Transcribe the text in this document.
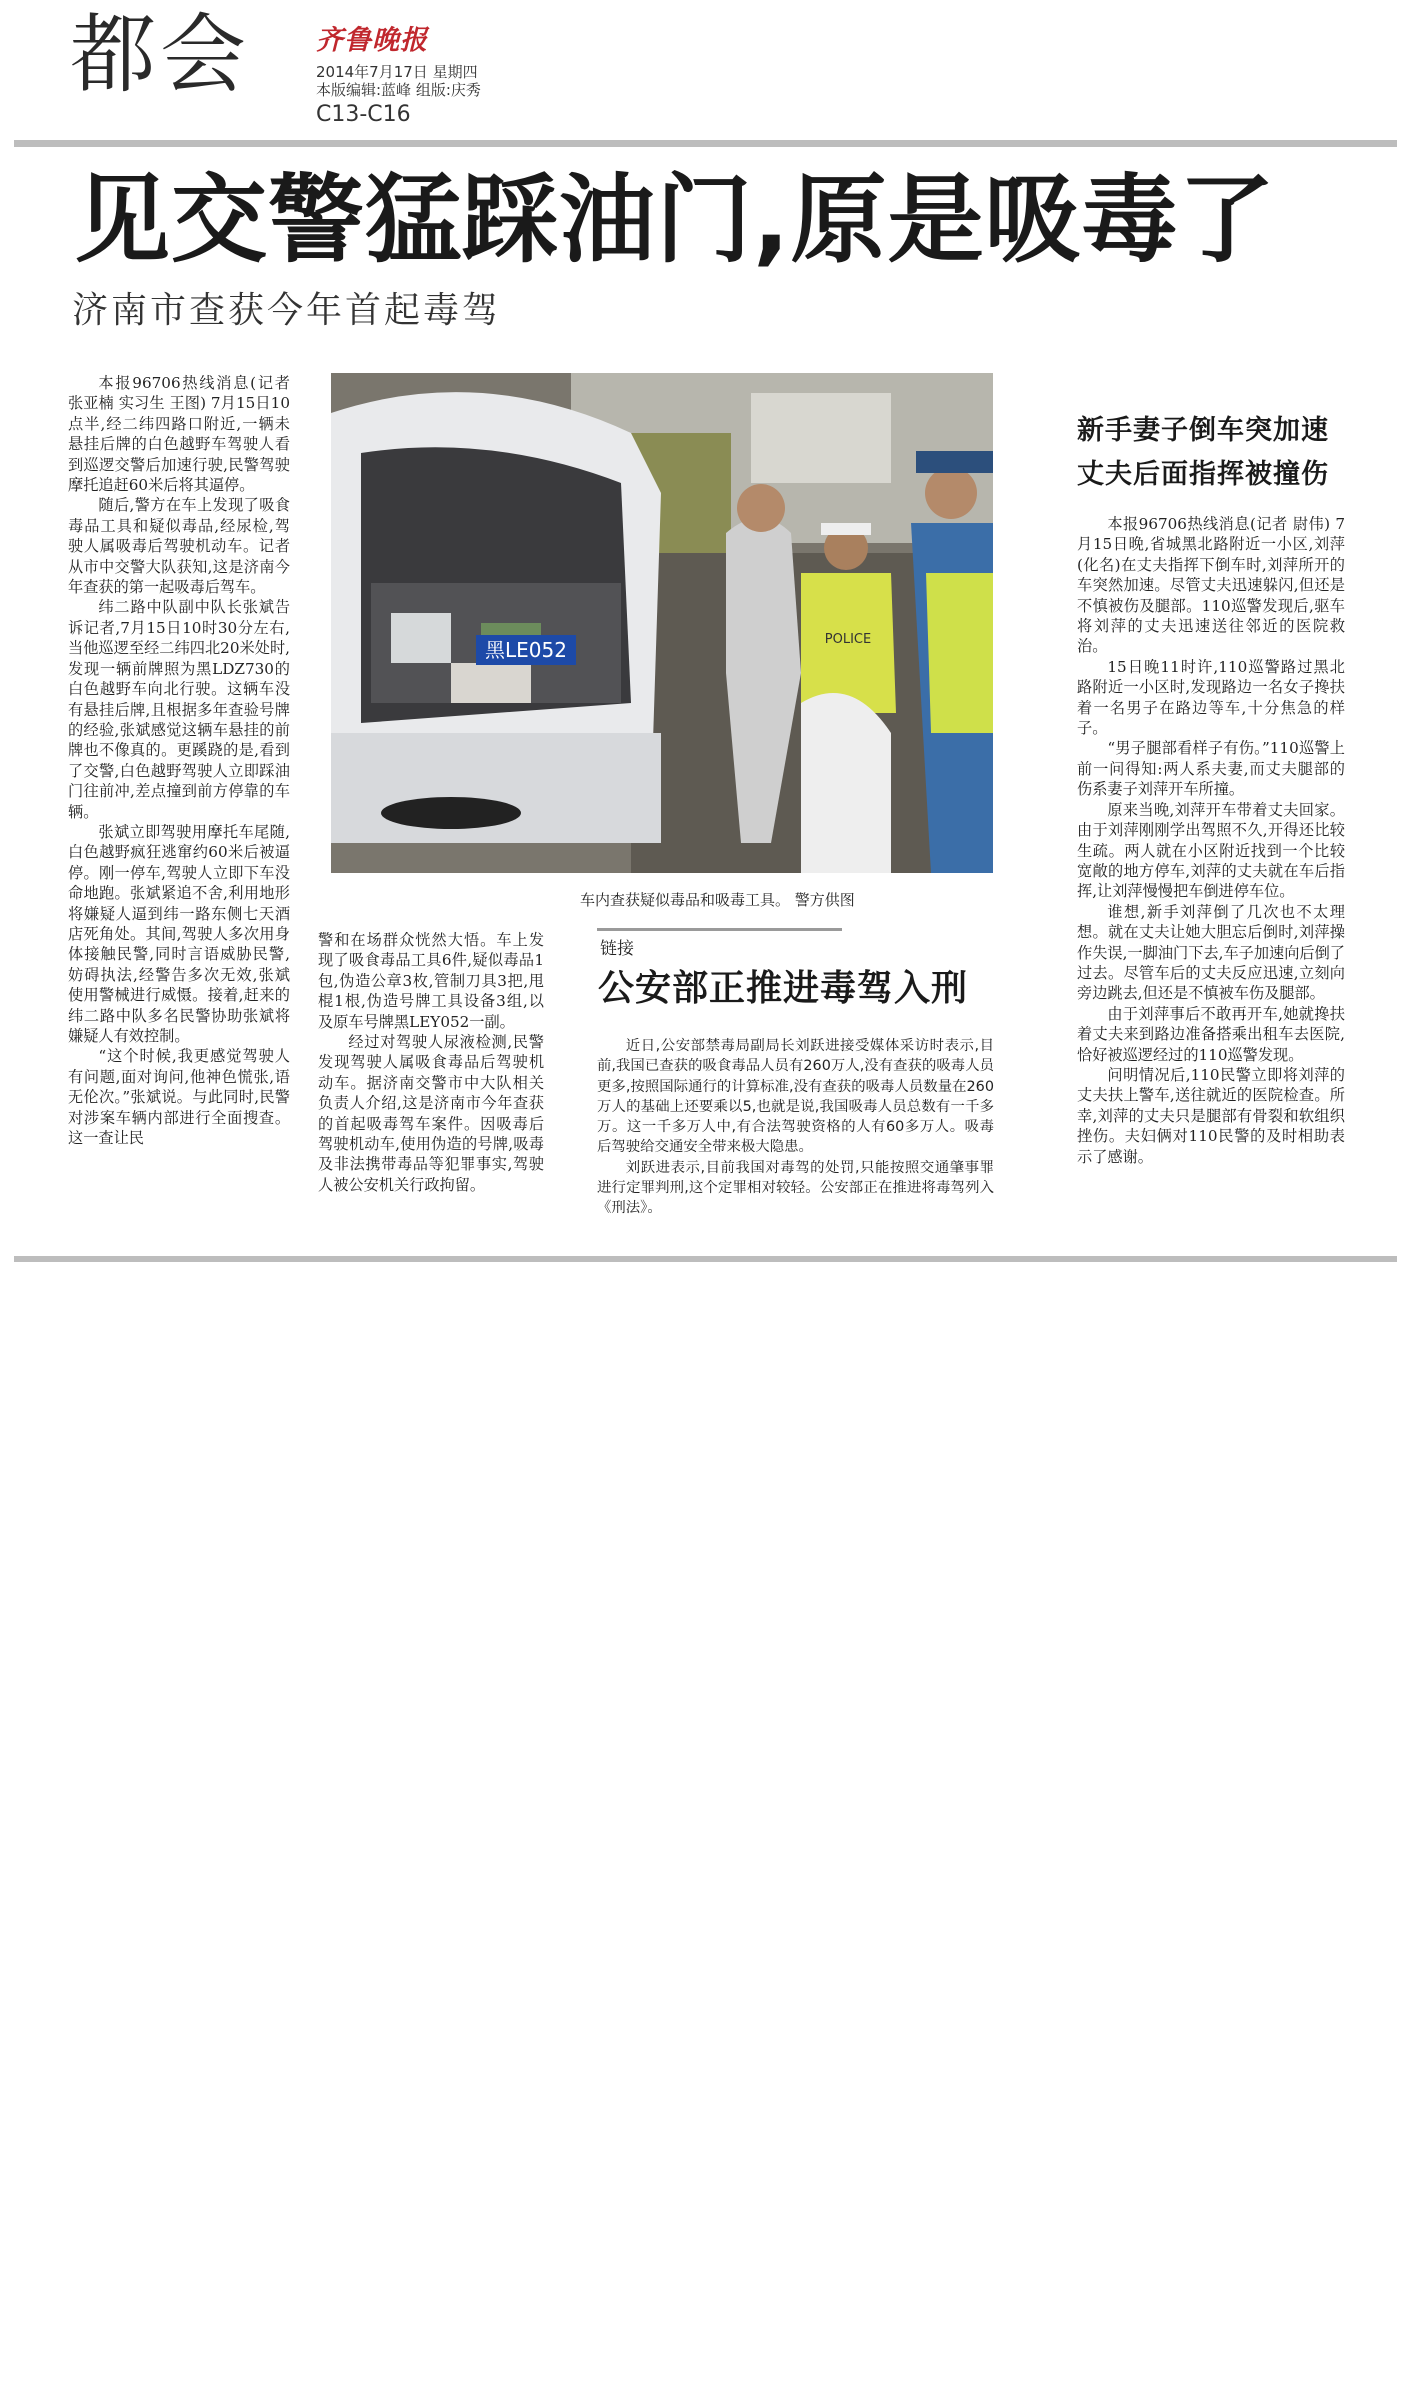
都会 齐鲁晚报
2014年7月17日 星期四
本版编辑:蓝峰 组版:庆秀
C13-C16
见交警猛踩油门,原是吸毒了
济南市查获今年首起毒驾

本报96706热线消息(记者 张亚楠 实习生 王图) 7月15日10点半,经二纬四路口附近,一辆未悬挂后牌的白色越野车驾驶人看到巡逻交警后加速行驶,民警驾驶摩托追赶60米后将其逼停。

随后,警方在车上发现了吸食毒品工具和疑似毒品,经尿检,驾驶人属吸毒后驾驶机动车。记者从市中交警大队获知,这是济南今年查获的第一起吸毒后驾车。

纬二路中队副中队长张斌告诉记者,7月15日10时30分左右,当他巡逻至经二纬四北20米处时,发现一辆前牌照为黑LDZ730的白色越野车向北行驶。这辆车没有悬挂后牌,且根据多年查验号牌的经验,张斌感觉这辆车悬挂的前牌也不像真的。更蹊跷的是,看到了交警,白色越野驾驶人立即踩油门往前冲,差点撞到前方停靠的车辆。

张斌立即驾驶用摩托车尾随,白色越野疯狂逃窜约60米后被逼停。刚一停车,驾驶人立即下车没命地跑。张斌紧追不舍,利用地形将嫌疑人逼到纬一路东侧七天酒店死角处。其间,驾驶人多次用身体接触民警,同时言语威胁民警,妨碍执法,经警告多次无效,张斌使用警械进行威慑。接着,赶来的纬二路中队多名民警协助张斌将嫌疑人有效控制。

“这个时候,我更感觉驾驶人有问题,面对询问,他神色慌张,语无伦次。”张斌说。与此同时,民警对涉案车辆内部进行全面搜查。这一查让民

黑LE052	POLICE
车内查获疑似毒品和吸毒工具。 警方供图

警和在场群众恍然大悟。车上发现了吸食毒品工具6件,疑似毒品1包,伪造公章3枚,管制刀具3把,甩棍1根,伪造号牌工具设备3组,以及原车号牌黑LEY052一副。

经过对驾驶人尿液检测,民警发现驾驶人属吸食毒品后驾驶机动车。据济南交警市中大队相关负责人介绍,这是济南市今年查获的首起吸毒驾车案件。因吸毒后驾驶机动车,使用伪造的号牌,吸毒及非法携带毒品等犯罪事实,驾驶人被公安机关行政拘留。

链接
公安部正推进毒驾入刑

近日,公安部禁毒局副局长刘跃进接受媒体采访时表示,目前,我国已查获的吸食毒品人员有260万人,没有查获的吸毒人员更多,按照国际通行的计算标准,没有查获的吸毒人员数量在260万人的基础上还要乘以5,也就是说,我国吸毒人员总数有一千多万。这一千多万人中,有合法驾驶资格的人有60多万人。吸毒后驾驶给交通安全带来极大隐患。

刘跃进表示,目前我国对毒驾的处罚,只能按照交通肇事罪进行定罪判刑,这个定罪相对较轻。公安部正在推进将毒驾列入《刑法》。

新手妻子倒车突加速
丈夫后面指挥被撞伤

本报96706热线消息(记者 尉伟) 7月15日晚,省城黑北路附近一小区,刘萍(化名)在丈夫指挥下倒车时,刘萍所开的车突然加速。尽管丈夫迅速躲闪,但还是不慎被伤及腿部。110巡警发现后,驱车将刘萍的丈夫迅速送往邻近的医院救治。

15日晚11时许,110巡警路过黑北路附近一小区时,发现路边一名女子搀扶着一名男子在路边等车,十分焦急的样子。

“男子腿部看样子有伤。”110巡警上前一问得知:两人系夫妻,而丈夫腿部的伤系妻子刘萍开车所撞。

原来当晚,刘萍开车带着丈夫回家。由于刘萍刚刚学出驾照不久,开得还比较生疏。两人就在小区附近找到一个比较宽敞的地方停车,刘萍的丈夫就在车后指挥,让刘萍慢慢把车倒进停车位。

谁想,新手刘萍倒了几次也不太理想。就在丈夫让她大胆忘后倒时,刘萍操作失误,一脚油门下去,车子加速向后倒了过去。尽管车后的丈夫反应迅速,立刻向旁边跳去,但还是不慎被车伤及腿部。

由于刘萍事后不敢再开车,她就搀扶着丈夫来到路边准备搭乘出租车去医院,恰好被巡逻经过的110巡警发现。

问明情况后,110民警立即将刘萍的丈夫扶上警车,送往就近的医院检查。所幸,刘萍的丈夫只是腿部有骨裂和软组织挫伤。夫妇俩对110民警的及时相助表示了感谢。
